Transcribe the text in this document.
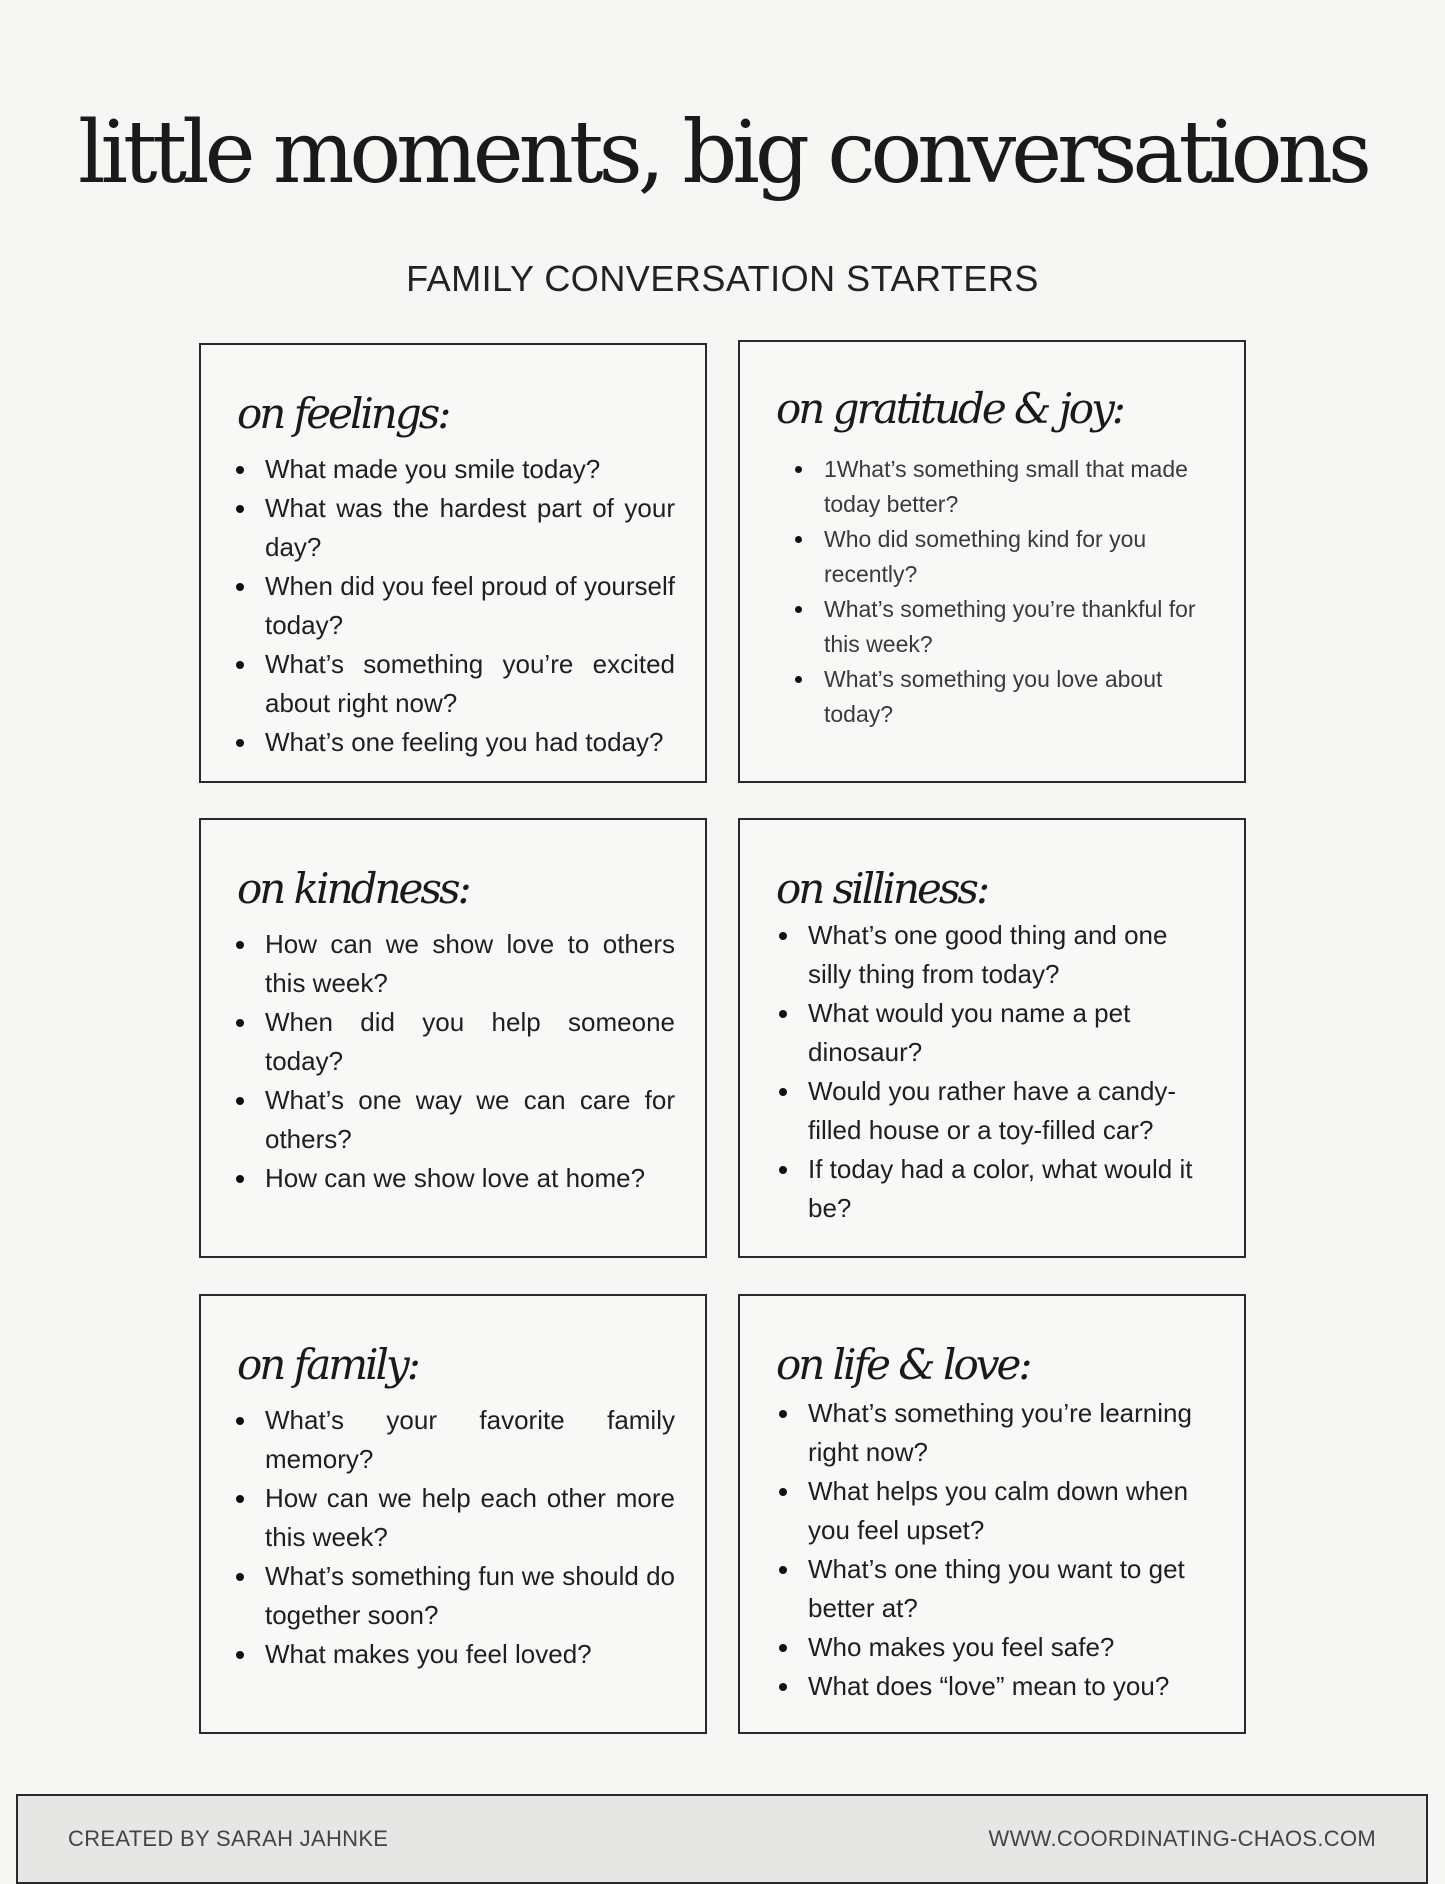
little moments, big conversations
FAMILY CONVERSATION STARTERS
on feelings:
What made you smile today?
What was the hardest part of your day?
When did you feel proud of yourself today?
What’s something you’re excited about right now?
What’s one feeling you had today?
on gratitude & joy:
1What’s something small that made today better?
Who did something kind for you recently?
What’s something you’re thankful for this week?
What’s something you love about today?
on kindness:
How can we show love to others this week?
When did you help someone today?
What’s one way we can care for others?
How can we show love at home?
on silliness:
What’s one good thing and one silly thing from today?
What would you name a pet dinosaur?
Would you rather have a candy-filled house or a toy-filled car?
If today had a color, what would it be?
on family:
What’s your favorite family memory?
How can we help each other more this week?
What’s something fun we should do together soon?
What makes you feel loved?
on life & love:
What’s something you’re learning right now?
What helps you calm down when you feel upset?
What’s one thing you want to get better at?
Who makes you feel safe?
What does “love” mean to you?
CREATED BY SARAH JAHNKE	WWW.COORDINATING-CHAOS.COM
